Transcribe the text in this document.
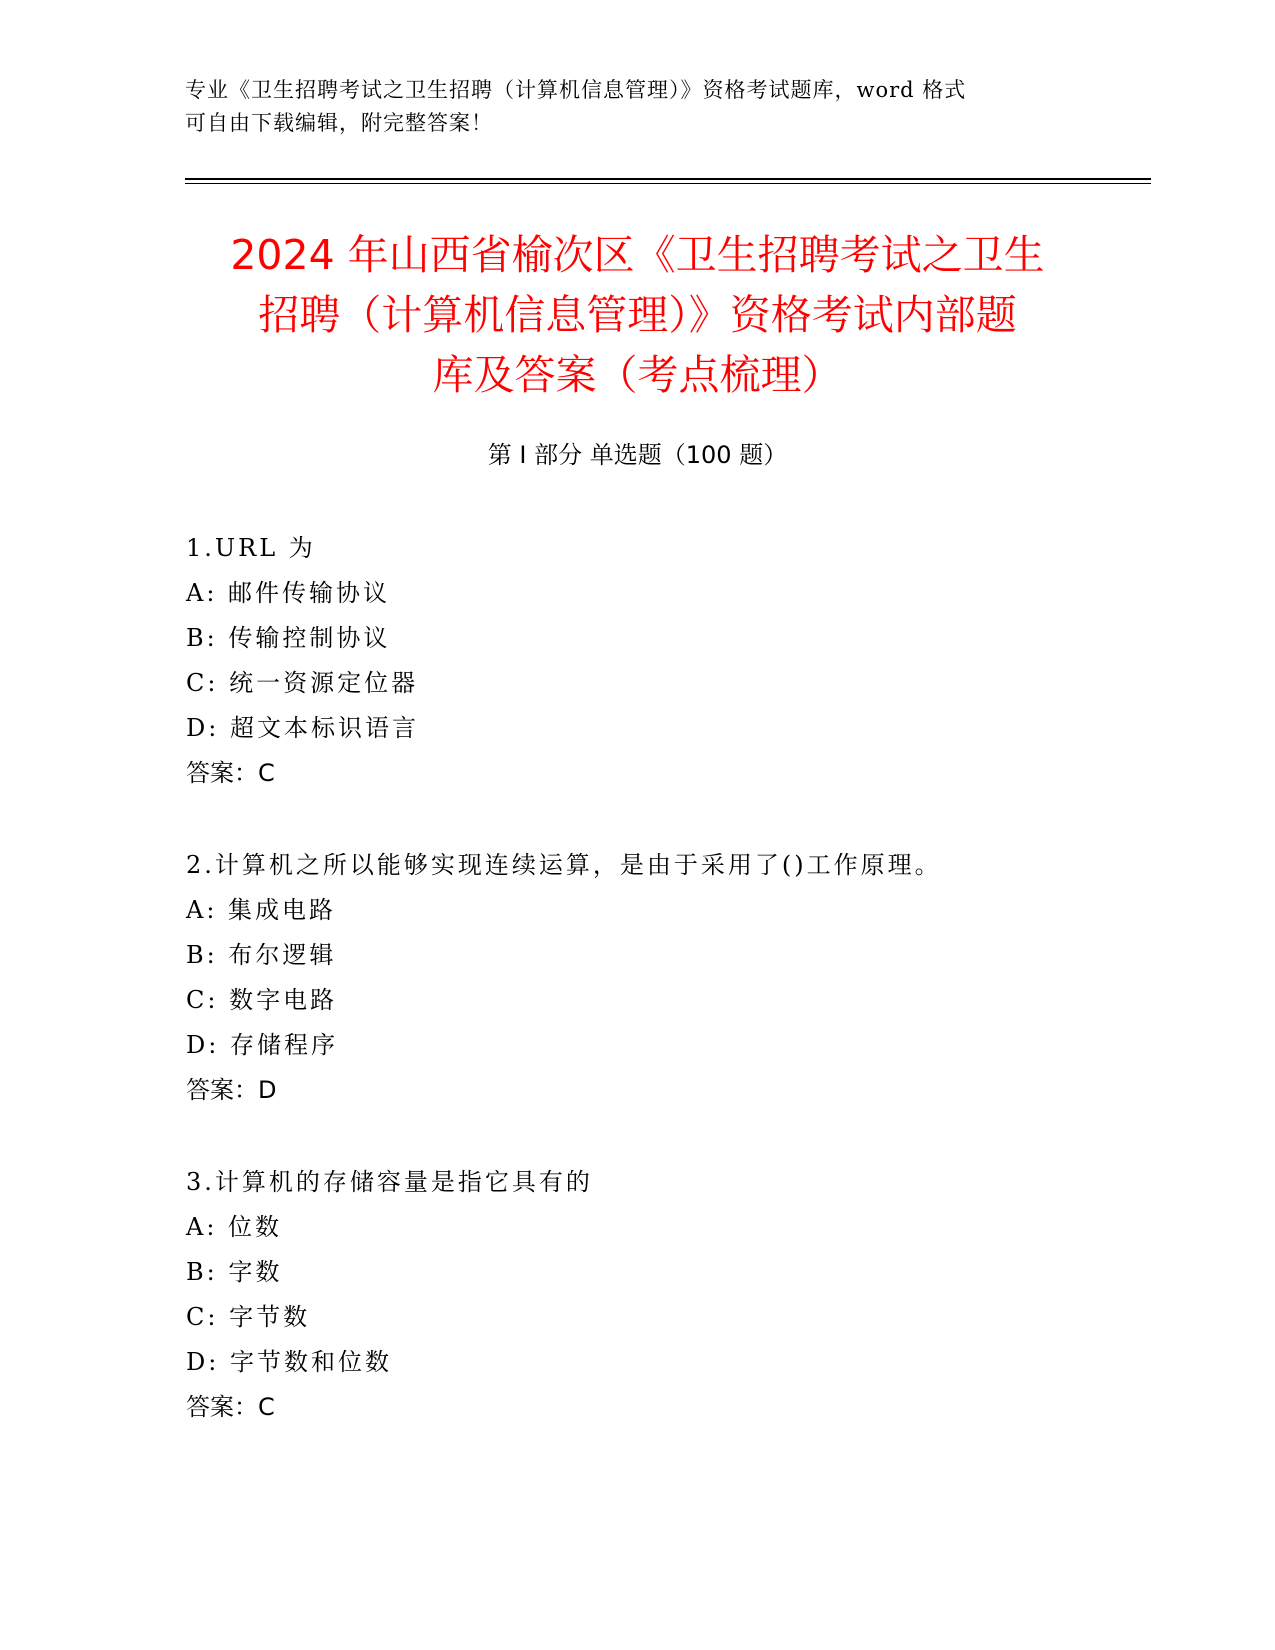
专业《卫生招聘考试之卫生招聘（计算机信息管理）》资格考试题库，word 格式
可自由下载编辑，附完整答案！
2024 年山西省榆次区《卫生招聘考试之卫生
招聘（计算机信息管理）》资格考试内部题
库及答案（考点梳理）
第 I 部分 单选题（100 题）
1.URL 为
A: 邮件传输协议
B: 传输控制协议
C: 统一资源定位器
D: 超文本标识语言
答案：C
2.计算机之所以能够实现连续运算，是由于采用了()工作原理。
A: 集成电路
B: 布尔逻辑
C: 数字电路
D: 存储程序
答案：D
3.计算机的存储容量是指它具有的
A: 位数
B: 字数
C: 字节数
D: 字节数和位数
答案：C
